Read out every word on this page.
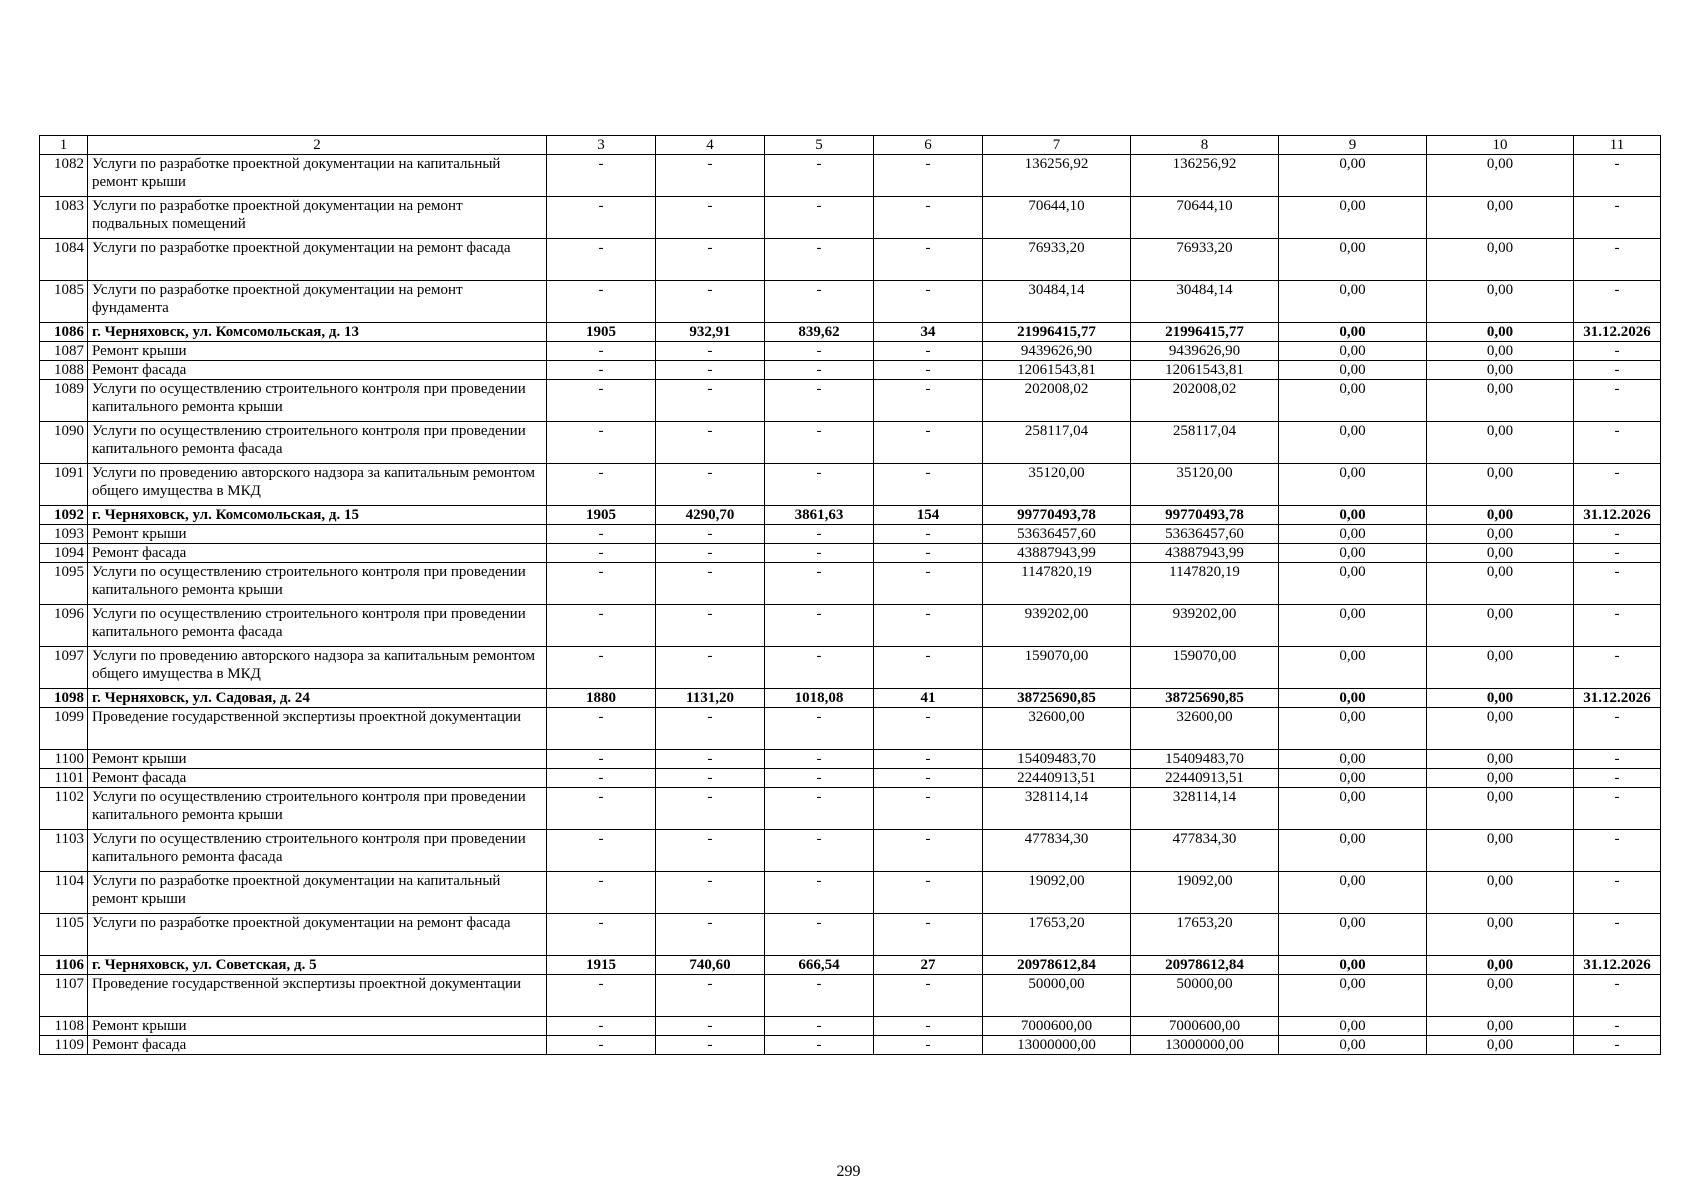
1	2	3	4	5	6	7	8	9	10	11
1082	Услуги по разработке проектной документации на капитальный ремонт крыши	-	-	-	-	136256,92	136256,92	0,00	0,00	-
1083	Услуги по разработке проектной документации на ремонт подвальных помещений	-	-	-	-	70644,10	70644,10	0,00	0,00	-
1084	Услуги по разработке проектной документации на ремонт фасада	-	-	-	-	76933,20	76933,20	0,00	0,00	-
1085	Услуги по разработке проектной документации на ремонт фундамента	-	-	-	-	30484,14	30484,14	0,00	0,00	-
1086	г. Черняховск, ул. Комсомольская, д. 13	1905	932,91	839,62	34	21996415,77	21996415,77	0,00	0,00	31.12.2026
1087	Ремонт крыши	-	-	-	-	9439626,90	9439626,90	0,00	0,00	-
1088	Ремонт фасада	-	-	-	-	12061543,81	12061543,81	0,00	0,00	-
1089	Услуги по осуществлению строительного контроля при проведении капитального ремонта крыши	-	-	-	-	202008,02	202008,02	0,00	0,00	-
1090	Услуги по осуществлению строительного контроля при проведении капитального ремонта фасада	-	-	-	-	258117,04	258117,04	0,00	0,00	-
1091	Услуги по проведению авторского надзора за капитальным ремонтом общего имущества в МКД	-	-	-	-	35120,00	35120,00	0,00	0,00	-
1092	г. Черняховск, ул. Комсомольская, д. 15	1905	4290,70	3861,63	154	99770493,78	99770493,78	0,00	0,00	31.12.2026
1093	Ремонт крыши	-	-	-	-	53636457,60	53636457,60	0,00	0,00	-
1094	Ремонт фасада	-	-	-	-	43887943,99	43887943,99	0,00	0,00	-
1095	Услуги по осуществлению строительного контроля при проведении капитального ремонта крыши	-	-	-	-	1147820,19	1147820,19	0,00	0,00	-
1096	Услуги по осуществлению строительного контроля при проведении капитального ремонта фасада	-	-	-	-	939202,00	939202,00	0,00	0,00	-
1097	Услуги по проведению авторского надзора за капитальным ремонтом общего имущества в МКД	-	-	-	-	159070,00	159070,00	0,00	0,00	-
1098	г. Черняховск, ул. Садовая, д. 24	1880	1131,20	1018,08	41	38725690,85	38725690,85	0,00	0,00	31.12.2026
1099	Проведение государственной экспертизы проектной документации	-	-	-	-	32600,00	32600,00	0,00	0,00	-
1100	Ремонт крыши	-	-	-	-	15409483,70	15409483,70	0,00	0,00	-
1101	Ремонт фасада	-	-	-	-	22440913,51	22440913,51	0,00	0,00	-
1102	Услуги по осуществлению строительного контроля при проведении капитального ремонта крыши	-	-	-	-	328114,14	328114,14	0,00	0,00	-
1103	Услуги по осуществлению строительного контроля при проведении капитального ремонта фасада	-	-	-	-	477834,30	477834,30	0,00	0,00	-
1104	Услуги по разработке проектной документации на капитальный ремонт крыши	-	-	-	-	19092,00	19092,00	0,00	0,00	-
1105	Услуги по разработке проектной документации на ремонт фасада	-	-	-	-	17653,20	17653,20	0,00	0,00	-
1106	г. Черняховск, ул. Советская, д. 5	1915	740,60	666,54	27	20978612,84	20978612,84	0,00	0,00	31.12.2026
1107	Проведение государственной экспертизы проектной документации	-	-	-	-	50000,00	50000,00	0,00	0,00	-
1108	Ремонт крыши	-	-	-	-	7000600,00	7000600,00	0,00	0,00	-
1109	Ремонт фасада	-	-	-	-	13000000,00	13000000,00	0,00	0,00	-
299
